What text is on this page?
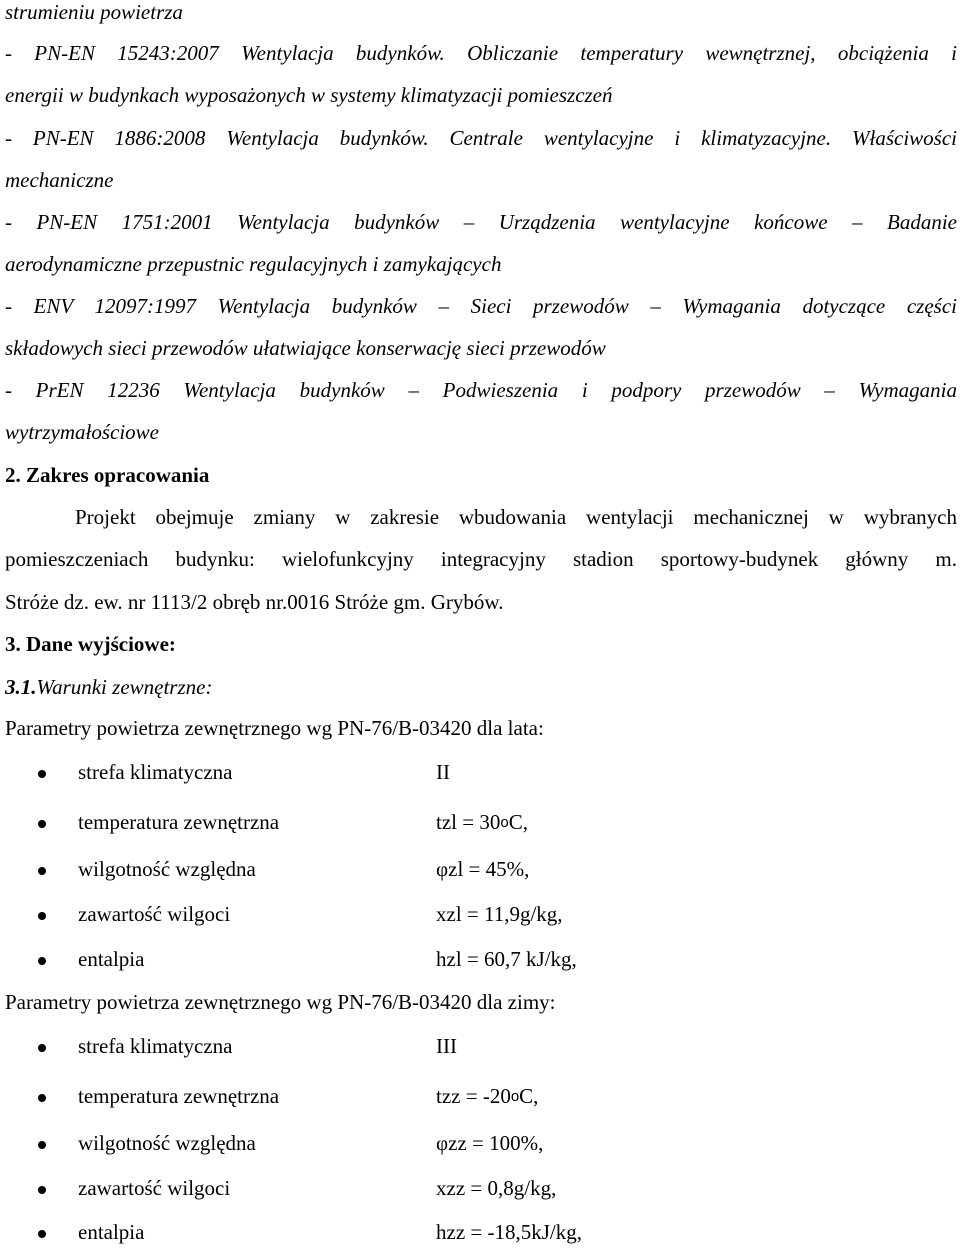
strumieniu powietrza
- PN-EN 15243:2007 Wentylacja budynków. Obliczanie temperatury wewnętrznej, obciążenia i
energii w budynkach wyposażonych w systemy klimatyzacji pomieszczeń
- PN-EN 1886:2008 Wentylacja budynków. Centrale wentylacyjne i klimatyzacyjne. Właściwości
mechaniczne
- PN-EN 1751:2001 Wentylacja budynków – Urządzenia wentylacyjne końcowe – Badanie
aerodynamiczne przepustnic regulacyjnych i zamykających
- ENV 12097:1997 Wentylacja budynków – Sieci przewodów – Wymagania dotyczące części
składowych sieci przewodów ułatwiające konserwację sieci przewodów
- PrEN 12236 Wentylacja budynków – Podwieszenia i podpory przewodów – Wymagania
wytrzymałościowe
2. Zakres opracowania
Projekt obejmuje zmiany w zakresie wbudowania wentylacji mechanicznej w wybranych
pomieszczeniach budynku: wielofunkcyjny integracyjny stadion sportowy-budynek główny m.
Stróże dz. ew. nr 1113/2 obręb nr.0016 Stróże gm. Grybów.
3. Dane wyjściowe:
3.1.Warunki zewnętrzne:
Parametry powietrza zewnętrznego wg PN-76/B-03420 dla lata:
strefa klimatyczna	II
temperatura zewnętrzna	tzl = $30^oC$,
wilgotność względna	φzl = 45%,
zawartość wilgoci	xzl = 11,9g/kg,
entalpia	hzl = 60,7 kJ/kg,
Parametry powietrza zewnętrznego wg PN-76/B-03420 dla zimy:
strefa klimatyczna	III
temperatura zewnętrzna	tzz = $-20^oC$,
wilgotność względna	φzz = 100%,
zawartość wilgoci	xzz = 0,8g/kg,
entalpia	hzz = -18,5kJ/kg,
